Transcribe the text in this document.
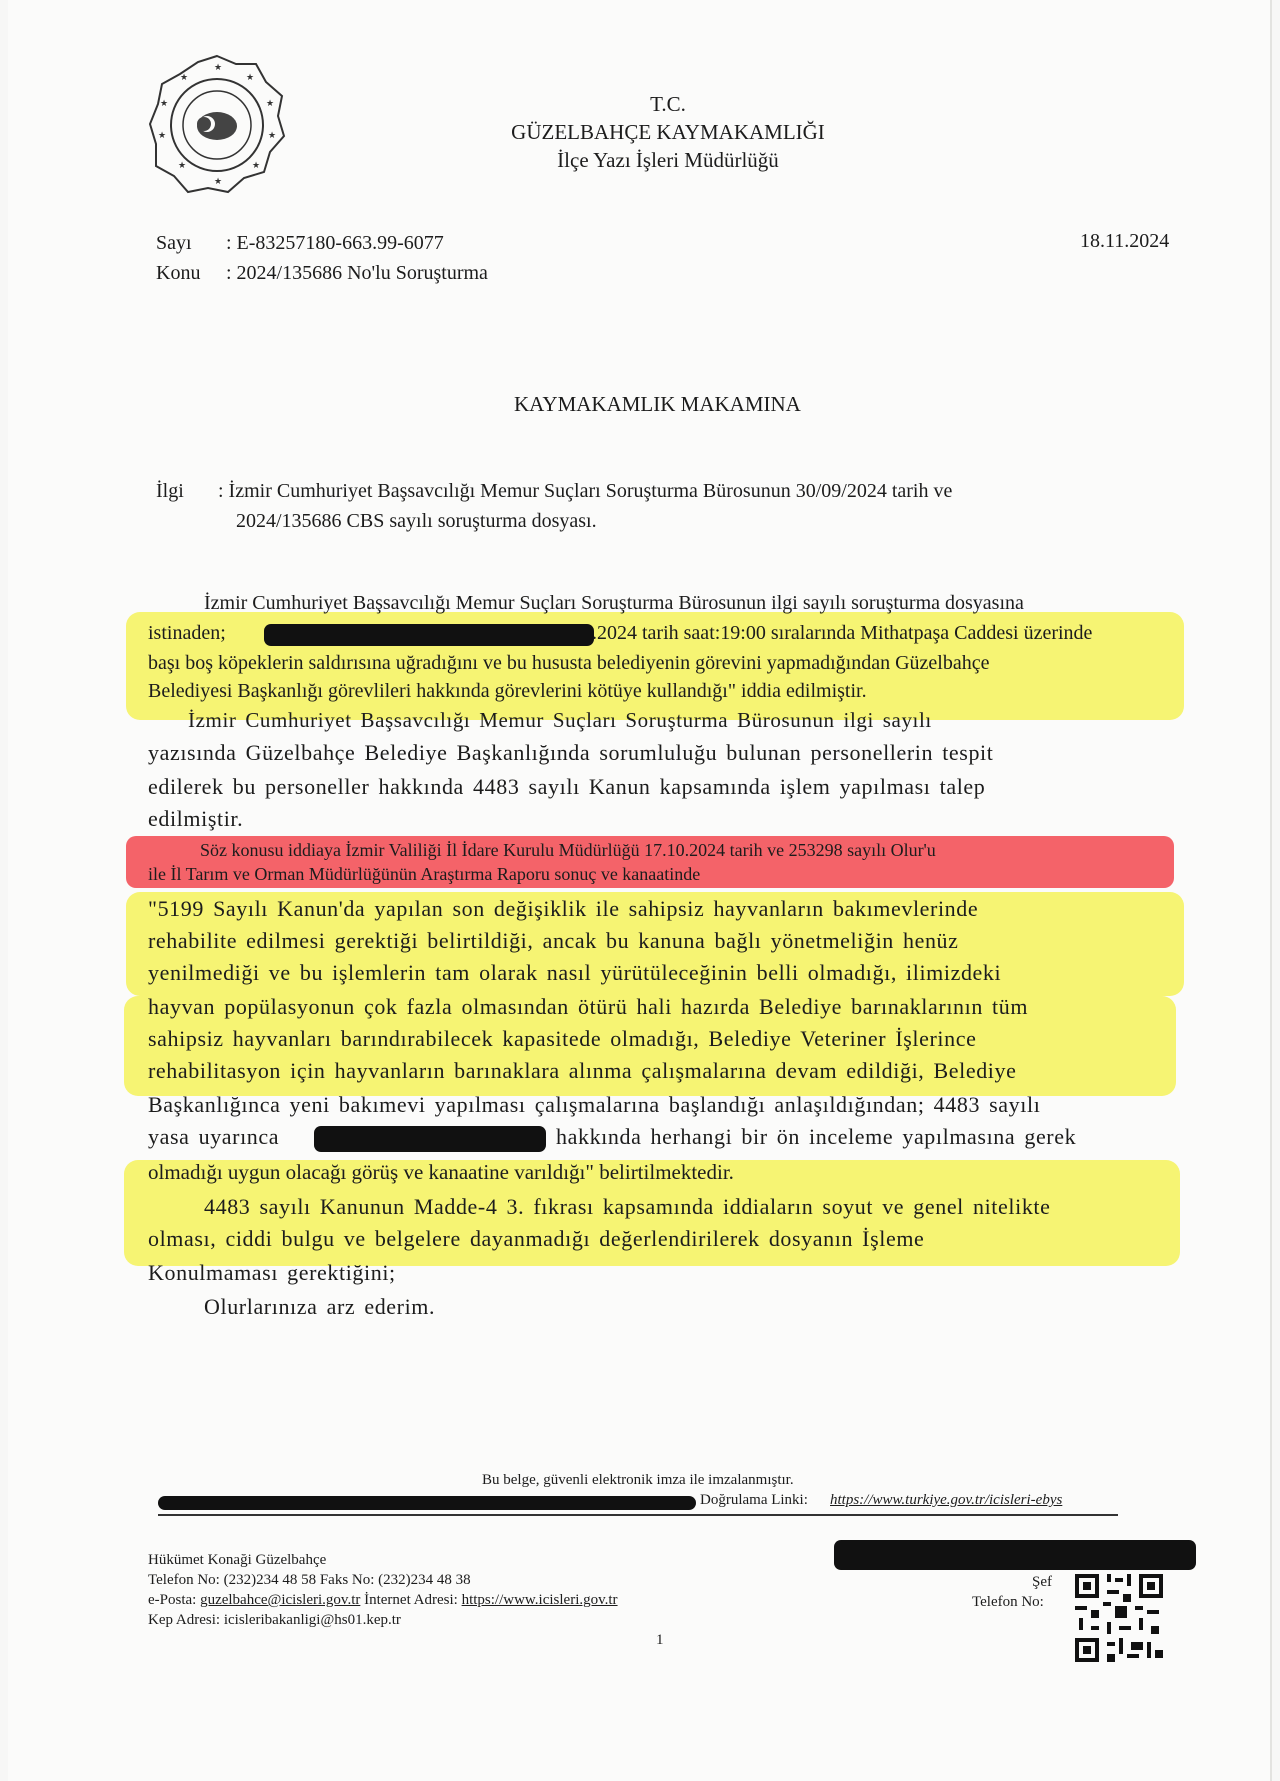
★
★
★
★
★
★
★
★
★
★
T.C.
GÜZELBAHÇE KAYMAKAMLIĞI
İlçe Yazı İşleri Müdürlüğü
Sayı : E-83257180-663.99-6077
Konu : 2024/135686 No'lu Soruşturma
18.11.2024
KAYMAKAMLIK MAKAMINA
İlgi : İzmir Cumhuriyet Başsavcılığı Memur Suçları Soruşturma Bürosunun 30/09/2024 tarih ve
2024/135686 CBS sayılı soruşturma dosyası.
İzmir Cumhuriyet Başsavcılığı Memur Suçları Soruşturma Bürosunun ilgi sayılı soruşturma dosyasına
istinaden;	.2024 tarih saat:19:00 sıralarında Mithatpaşa Caddesi üzerinde
başı boş köpeklerin saldırısına uğradığını ve bu hususta belediyenin görevini yapmadığından Güzelbahçe
Belediyesi Başkanlığı görevlileri hakkında görevlerini kötüye kullandığı" iddia edilmiştir.
İzmir Cumhuriyet Başsavcılığı Memur Suçları Soruşturma Bürosunun ilgi sayılı
yazısında Güzelbahçe Belediye Başkanlığında sorumluluğu bulunan personellerin tespit
edilerek bu personeller hakkında 4483 sayılı Kanun kapsamında işlem yapılması talep
edilmiştir.
Söz konusu iddiaya İzmir Valiliği İl İdare Kurulu Müdürlüğü 17.10.2024 tarih ve 253298 sayılı Olur'u
ile İl Tarım ve Orman Müdürlüğünün Araştırma Raporu sonuç ve kanaatinde
"5199 Sayılı Kanun'da yapılan son değişiklik ile sahipsiz hayvanların bakımevlerinde
rehabilite edilmesi gerektiği belirtildiği, ancak bu kanuna bağlı yönetmeliğin henüz
yenilmediği ve bu işlemlerin tam olarak nasıl yürütüleceğinin belli olmadığı, ilimizdeki
hayvan popülasyonun çok fazla olmasından ötürü hali hazırda Belediye barınaklarının tüm
sahipsiz hayvanları barındırabilecek kapasitede olmadığı, Belediye Veteriner İşlerince
rehabilitasyon için hayvanların barınaklara alınma çalışmalarına devam edildiği, Belediye
Başkanlığınca yeni bakımevi yapılması çalışmalarına başlandığı anlaşıldığından; 4483 sayılı
yasa uyarınca	hakkında herhangi bir ön inceleme yapılmasına gerek
olmadığı uygun olacağı görüş ve kanaatine varıldığı" belirtilmektedir.
4483 sayılı Kanunun Madde-4 3. fıkrası kapsamında iddiaların soyut ve genel nitelikte
olması, ciddi bulgu ve belgelere dayanmadığı değerlendirilerek dosyanın İşleme
Konulmaması gerektiğini;
Olurlarınıza arz ederim.
Bu belge, güvenli elektronik imza ile imzalanmıştır.
Doğrulama Linki: https://www.turkiye.gov.tr/icisleri-ebys
Hükümet Konaği Güzelbahçe
Telefon No: (232)234 48 58 Faks No: (232)234 48 38
e-Posta: guzelbahce@icisleri.gov.tr İnternet Adresi: https://www.icisleri.gov.tr
Kep Adresi: icisleribakanligi@hs01.kep.tr
1
Şef
Telefon No:
